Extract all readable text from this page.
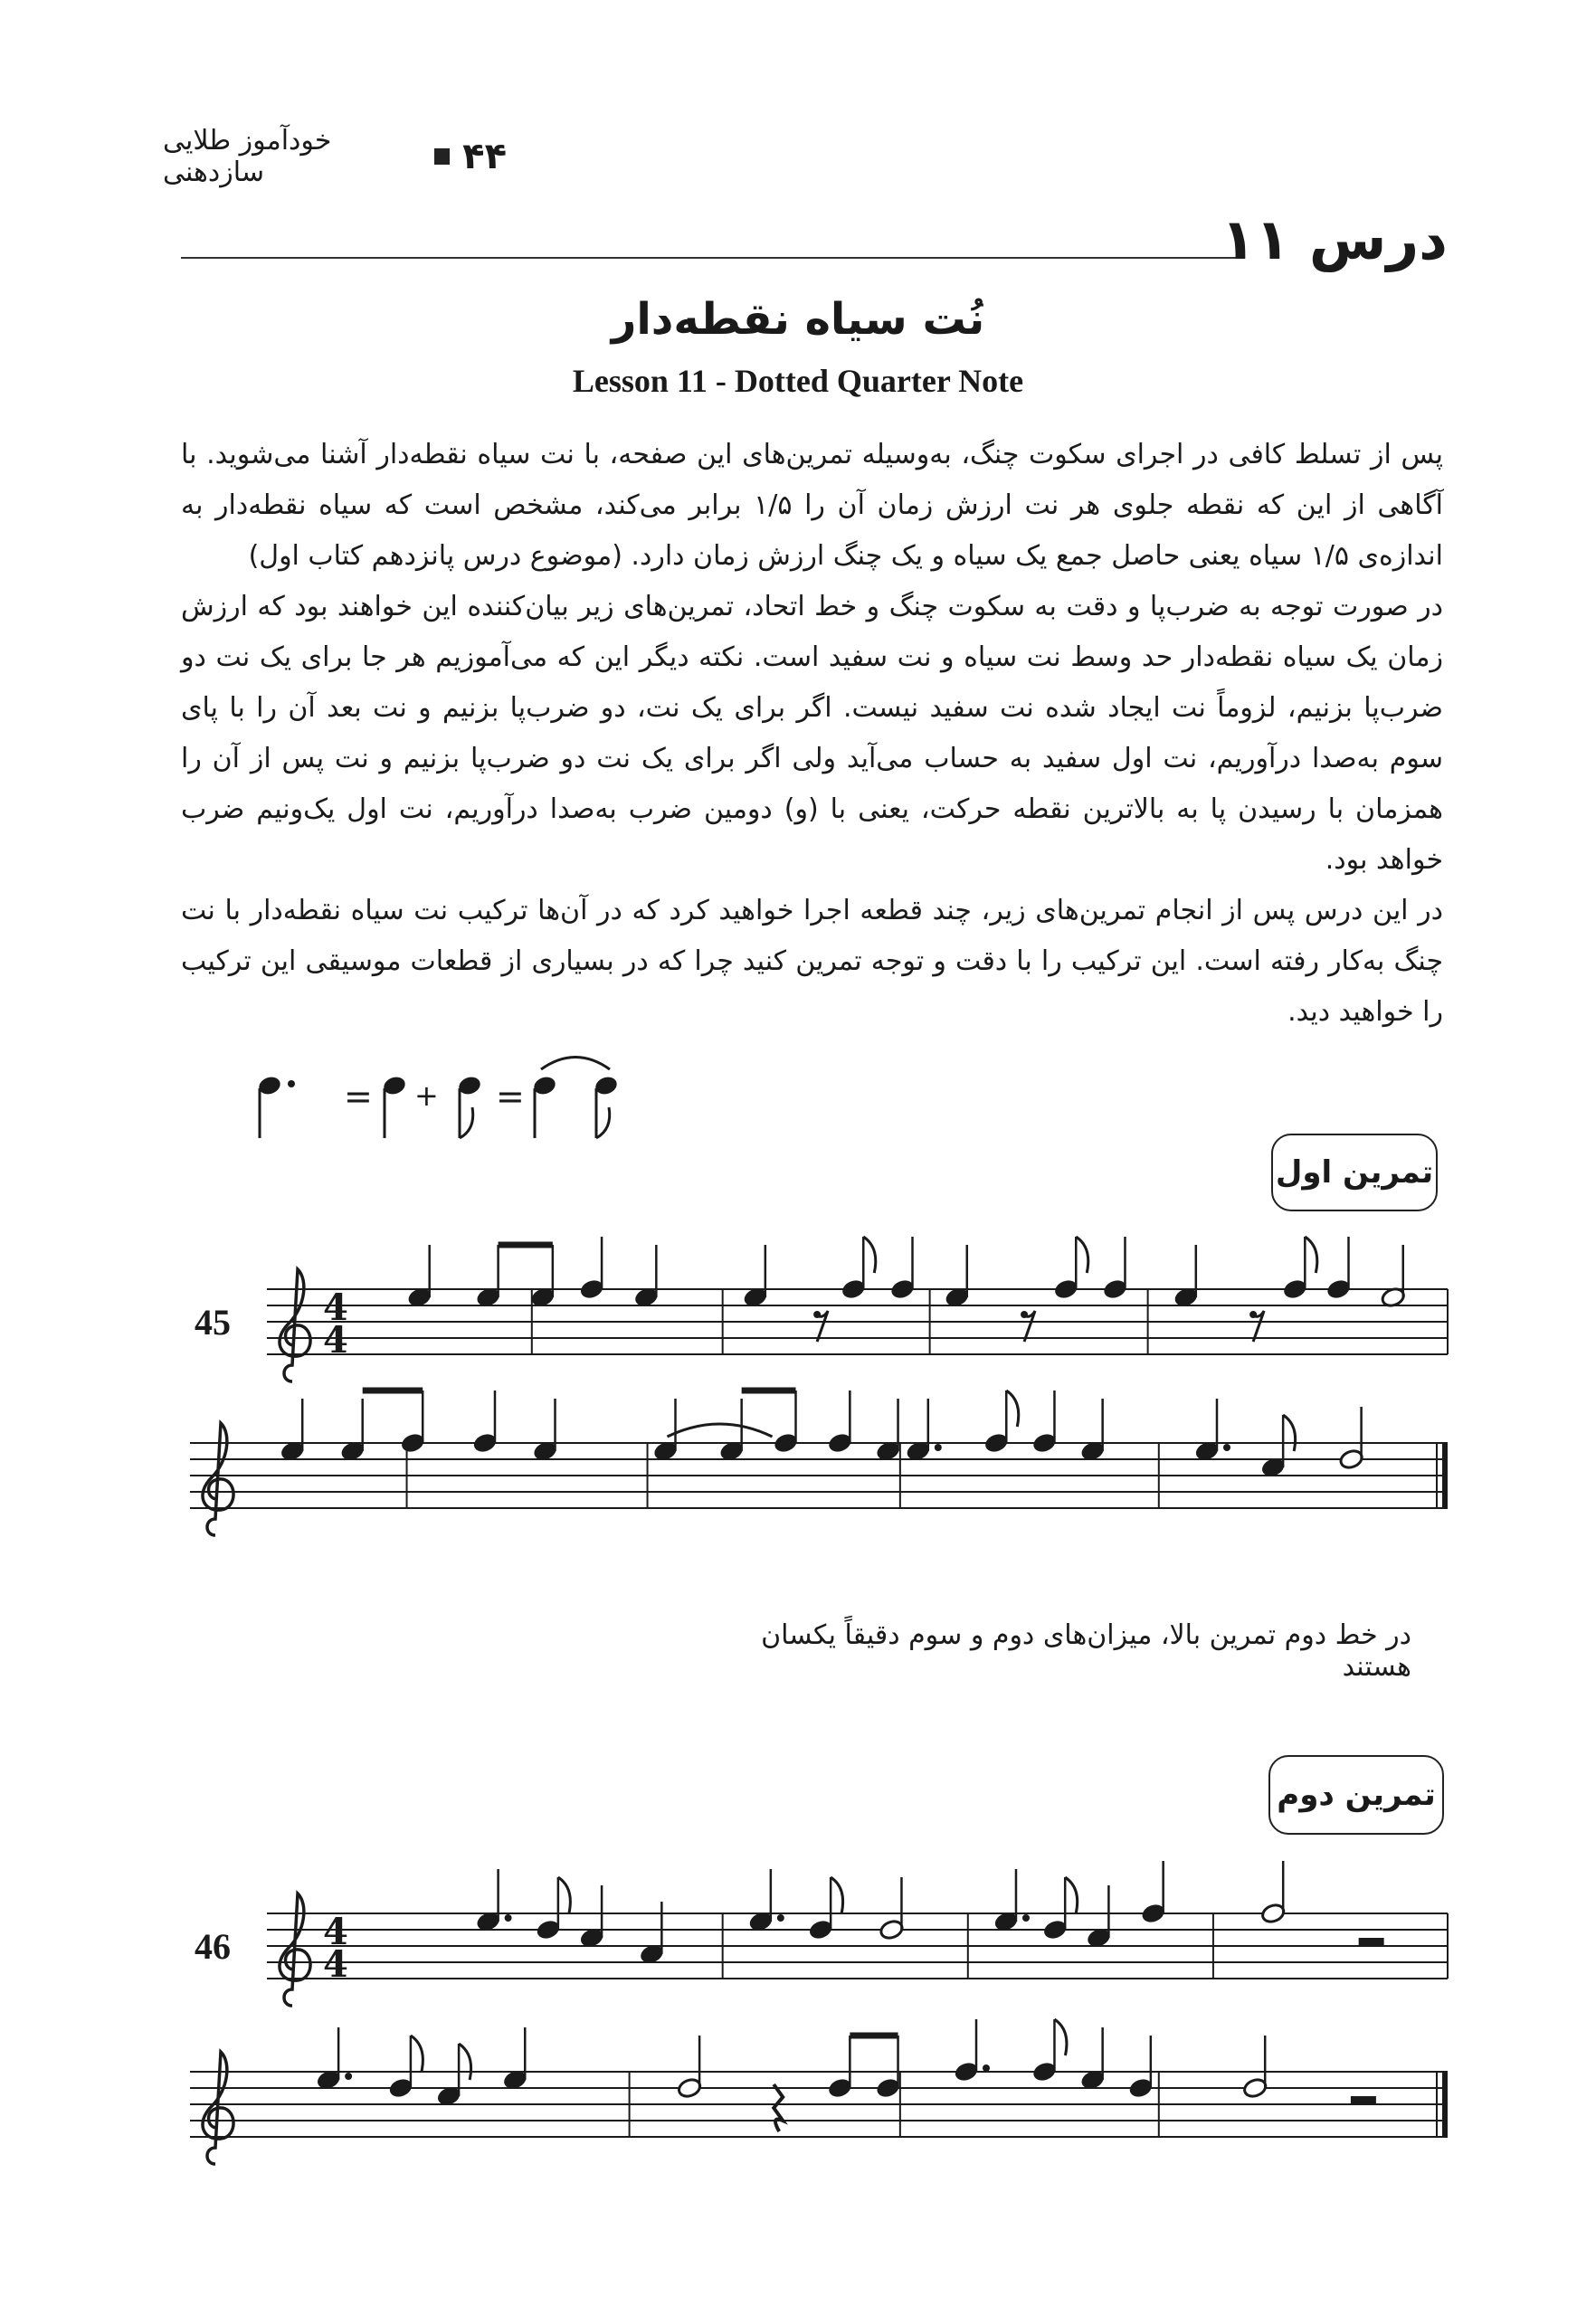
۴۴
خودآموز طلایی سازدهنی
درس ۱۱
نُت سیاه نقطه‌دار
Lesson 11 - Dotted Quarter Note

پس از تسلط کافی در اجرای سکوت چنگ، به‌وسیله تمرین‌های این صفحه، با نت سیاه نقطه‌دار آشنا می‌شوید. با آگاهی از این که نقطه جلوی هر نت ارزش زمان آن را ۱/۵ برابر می‌کند، مشخص است که سیاه نقطه‌دار به اندازه‌ی ۱/۵ سیاه یعنی حاصل جمع یک سیاه و یک چنگ ارزش زمان دارد. (موضوع درس پانزدهم کتاب اول)

در صورت توجه به ضرب‌پا و دقت به سکوت چنگ و خط اتحاد، تمرین‌های زیر بیان‌کننده این خواهند بود که ارزش زمان یک سیاه نقطه‌دار حد وسط نت سیاه و نت سفید است. نکته دیگر این که می‌آموزیم هر جا برای یک نت دو ضرب‌پا بزنیم، لزوماً نت ایجاد شده نت سفید نیست. اگر برای یک نت، دو ضرب‌پا بزنیم و نت بعد آن را با پای سوم به‌صدا درآوریم، نت اول سفید به حساب می‌آید ولی اگر برای یک نت دو ضرب‌پا بزنیم و نت پس از آن را همزمان با رسیدن پا به بالاترین نقطه حرکت، یعنی با (و) دومین ضرب به‌صدا درآوریم، نت اول یک‌ونیم ضرب خواهد بود.

در این درس پس از انجام تمرین‌های زیر، چند قطعه اجرا خواهید کرد که در آن‌ها ترکیب نت سیاه نقطه‌دار با نت چنگ به‌کار رفته است. این ترکیب را با دقت و توجه تمرین کنید چرا که در بسیاری از قطعات موسیقی این ترکیب را خواهید دید.

تمرین اول
تمرین دوم
در خط دوم تمرین بالا، میزان‌های دوم و سوم دقیقاً یکسان هستند
= + =
45	4
4
46	4
4
